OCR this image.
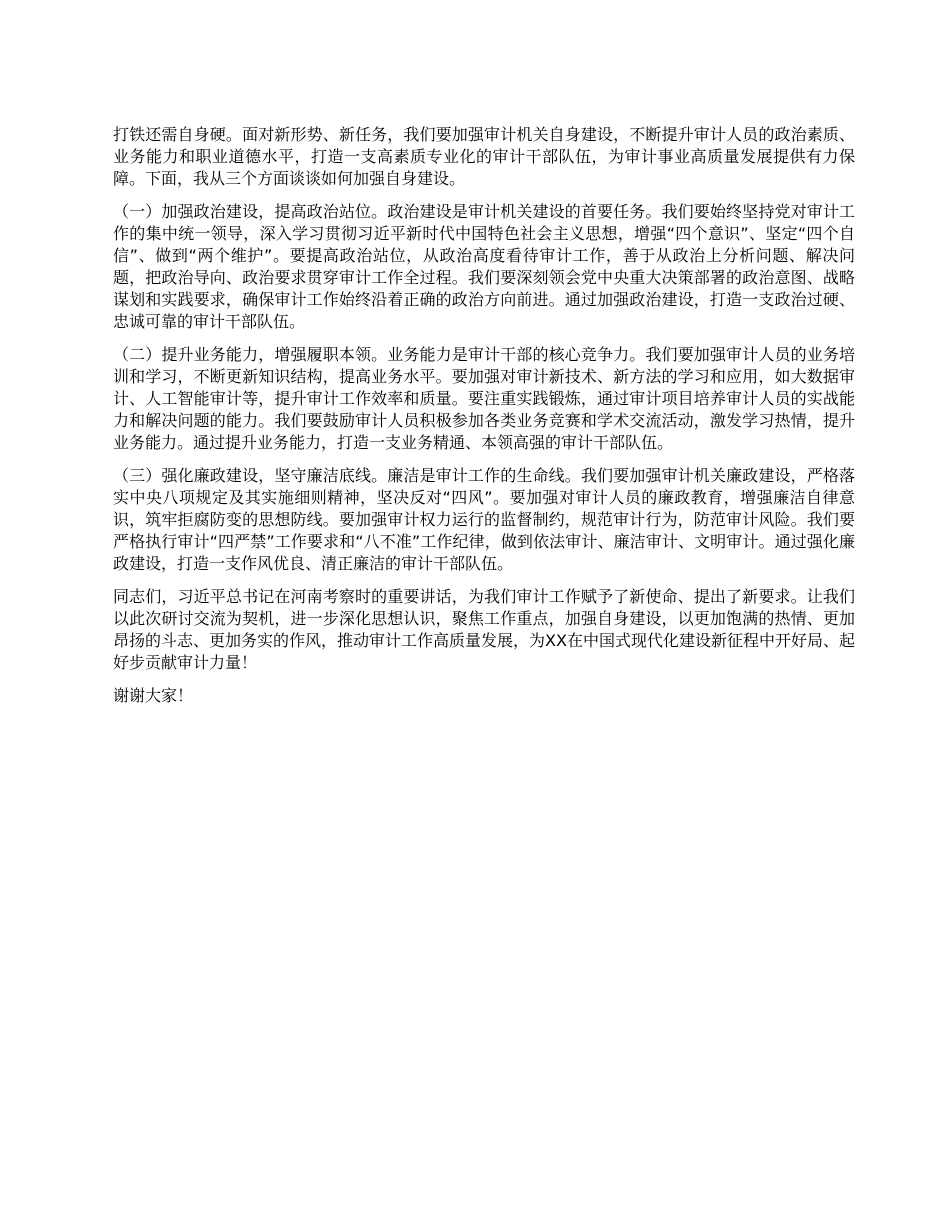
打铁还需自身硬。面对新形势、新任务，我们要加强审计机关自身建设，不断提升审计人员的政治素质、业务能力和职业道德水平，打造一支高素质专业化的审计干部队伍，为审计事业高质量发展提供有力保障。下面，我从三个方面谈谈如何加强自身建设。

（一）加强政治建设，提高政治站位。政治建设是审计机关建设的首要任务。我们要始终坚持党对审计工作的集中统一领导，深入学习贯彻习近平新时代中国特色社会主义思想，增强“四个意识”、坚定“四个自信”、做到“两个维护”。要提高政治站位，从政治高度看待审计工作，善于从政治上分析问题、解决问题，把政治导向、政治要求贯穿审计工作全过程。我们要深刻领会党中央重大决策部署的政治意图、战略谋划和实践要求，确保审计工作始终沿着正确的政治方向前进。通过加强政治建设，打造一支政治过硬、忠诚可靠的审计干部队伍。

（二）提升业务能力，增强履职本领。业务能力是审计干部的核心竞争力。我们要加强审计人员的业务培训和学习，不断更新知识结构，提高业务水平。要加强对审计新技术、新方法的学习和应用，如大数据审计、人工智能审计等，提升审计工作效率和质量。要注重实践锻炼，通过审计项目培养审计人员的实战能力和解决问题的能力。我们要鼓励审计人员积极参加各类业务竞赛和学术交流活动，激发学习热情，提升业务能力。通过提升业务能力，打造一支业务精通、本领高强的审计干部队伍。

（三）强化廉政建设，坚守廉洁底线。廉洁是审计工作的生命线。我们要加强审计机关廉政建设，严格落实中央八项规定及其实施细则精神，坚决反对“四风”。要加强对审计人员的廉政教育，增强廉洁自律意识，筑牢拒腐防变的思想防线。要加强审计权力运行的监督制约，规范审计行为，防范审计风险。我们要严格执行审计“四严禁”工作要求和“八不准”工作纪律，做到依法审计、廉洁审计、文明审计。通过强化廉政建设，打造一支作风优良、清正廉洁的审计干部队伍。

同志们，习近平总书记在河南考察时的重要讲话，为我们审计工作赋予了新使命、提出了新要求。让我们以此次研讨交流为契机，进一步深化思想认识，聚焦工作重点，加强自身建设，以更加饱满的热情、更加昂扬的斗志、更加务实的作风，推动审计工作高质量发展，为XX在中国式现代化建设新征程中开好局、起好步贡献审计力量！

谢谢大家！
